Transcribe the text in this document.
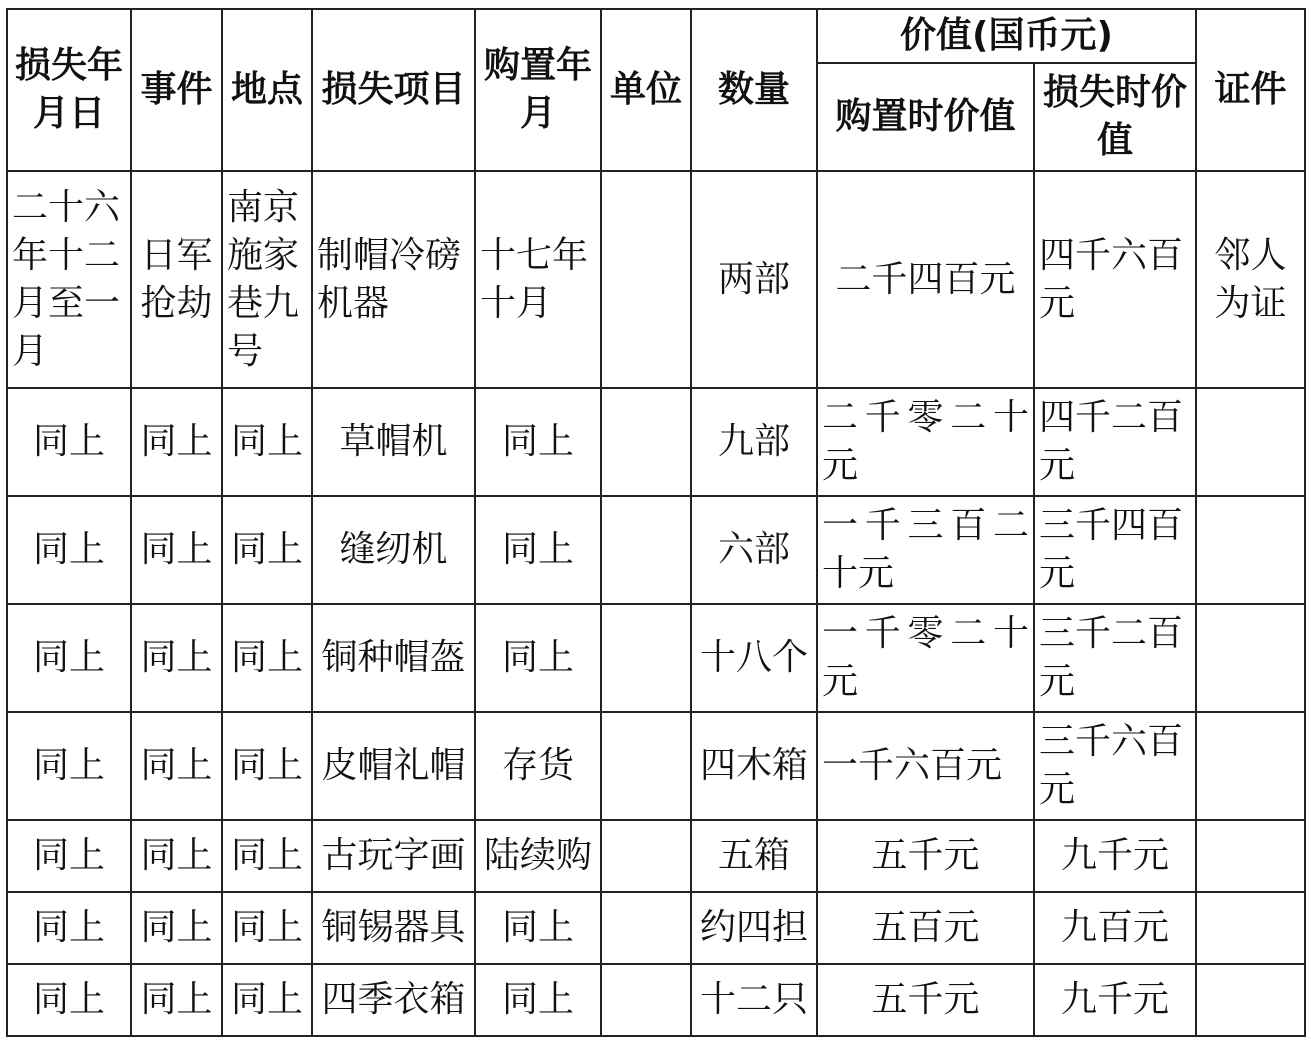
损失年月日	事件	地点	损失项目	购置年月	单位	数量	价值(国币元)		证件
							购置时价值	损失时价值	
二十六年十二月至一月	日军抢劫	南京施家巷九号	制帽冷磅机器	十七年十月		两部	二千四百元	四千六百元	邻人为证
同上	同上	同上	草帽机	同上		九部	二千零二十元	四千二百元	
同上	同上	同上	缝纫机	同上		六部	一千三百二十元	三千四百元	
同上	同上	同上	铜种帽盔	同上		十八个	一千零二十元	三千二百元	
同上	同上	同上	皮帽礼帽	存货		四木箱	一千六百元	三千六百元	
同上	同上	同上	古玩字画	陆续购		五箱	五千元	九千元	
同上	同上	同上	铜锡器具	同上		约四担	五百元	九百元	
同上	同上	同上	四季衣箱	同上		十二只	五千元	九千元	
